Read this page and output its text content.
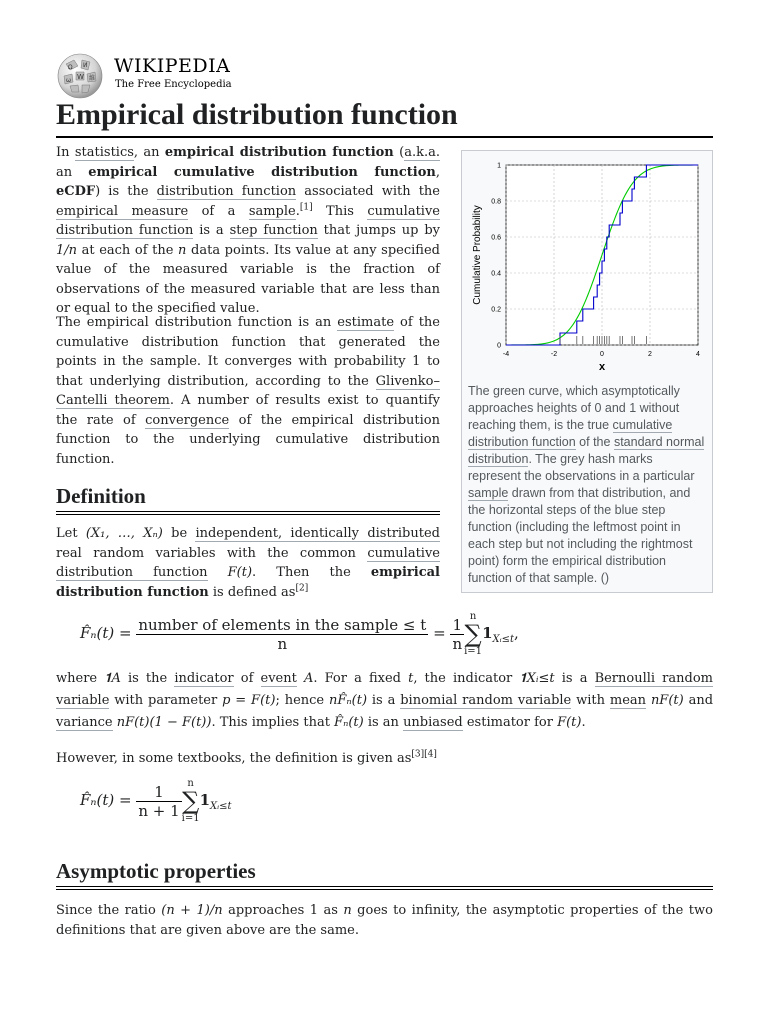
Ω И
W
ω	維
WIKIPEDIA
The Free Encyclopedia
Empirical distribution function
In statistics, an empirical distribution function (a.k.a. an empirical cumulative distribution function, eCDF) is the distribution function associated with the empirical measure of a sample.[1] This cumulative distribution function is a step function that jumps up by 1/n at each of the n data points. Its value at any specified value of the measured variable is the fraction of observations of the measured variable that are less than or equal to the specified value.
The empirical distribution function is an estimate of the cumulative distribution function that generated the points in the sample. It converges with probability 1 to that underlying distribution, according to the Glivenko–Cantelli theorem. A number of results exist to quantify the rate of convergence of the empirical distribution function to the underlying cumulative distribution function.
Definition
Let (X₁, …, Xₙ) be independent, identically distributed real random variables with the common cumulative distribution function F(t). Then the empirical distribution function is defined as[2]
F̂ₙ(t) = $\frac{\text{number of elements in the sample ≤ t}}{n} = \frac{1}{n}$ n
∑
$i=1𝟏_{Xᵢ\le t}$,
where 𝟏A is the indicator of event A. For a fixed t, the indicator 𝟏Xᵢ≤t is a Bernoulli random variable with parameter p = F(t); hence nF̂ₙ(t) is a binomial random variable with mean nF(t) and variance nF(t)(1 − F(t)). This implies that F̂ₙ(t) is an unbiased estimator for F(t).
However, in some textbooks, the definition is given as[3][4]
F̂ₙ(t) = $\frac{1}{n + 1}$ n
∑
$i=1𝟏_{Xᵢ\le t}$
Asymptotic properties
Since the ratio (n + 1)/n approaches 1 as n goes to infinity, the asymptotic properties of the two definitions that are given above are the same.
-4	-2	0	2	4
0
0.2
0.4
0.6
0.8
1
x
Cumulative Probability
The green curve, which asymptotically approaches heights of 0 and 1 without reaching them, is the true cumulative distribution function of the standard normal distribution. The grey hash marks represent the observations in a particular sample drawn from that distribution, and the horizontal steps of the blue step function (including the leftmost point in each step but not including the rightmost point) form the empirical distribution function of that sample. ()
